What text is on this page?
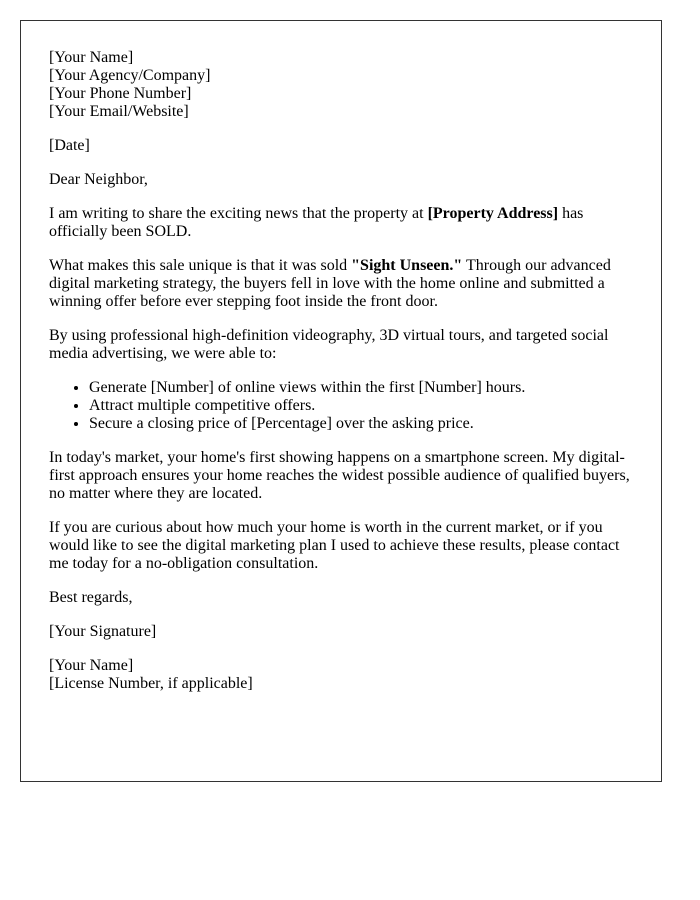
[Your Name]
[Your Agency/Company]
[Your Phone Number]
[Your Email/Website]

[Date]

Dear Neighbor,

I am writing to share the exciting news that the property at [Property Address] has officially been SOLD.

What makes this sale unique is that it was sold "Sight Unseen." Through our advanced digital marketing strategy, the buyers fell in love with the home online and submitted a winning offer before ever stepping foot inside the front door.

By using professional high-definition videography, 3D virtual tours, and targeted social media advertising, we were able to:

• Generate [Number] of online views within the first [Number] hours.
• Attract multiple competitive offers.
• Secure a closing price of [Percentage] over the asking price.

In today's market, your home's first showing happens on a smartphone screen. My digital-first approach ensures your home reaches the widest possible audience of qualified buyers, no matter where they are located.

If you are curious about how much your home is worth in the current market, or if you would like to see the digital marketing plan I used to achieve these results, please contact me today for a no-obligation consultation.

Best regards,

[Your Signature]

[Your Name]
[License Number, if applicable]
